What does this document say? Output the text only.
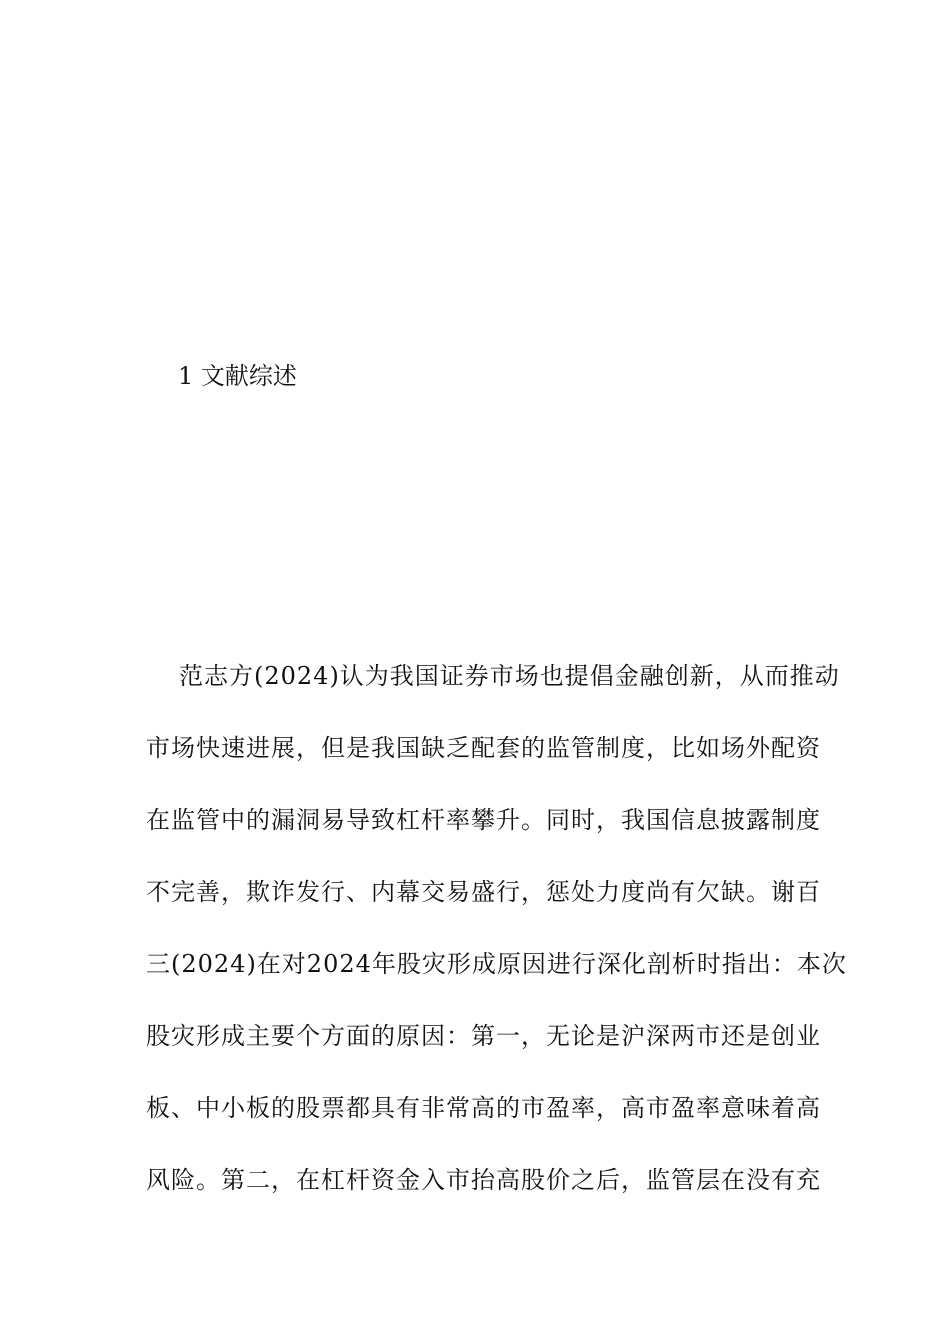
1 文献综述
范志方(2024)认为我国证券市场也提倡金融创新，从而推动
市场快速进展，但是我国缺乏配套的监管制度，比如场外配资
在监管中的漏洞易导致杠杆率攀升。同时，我国信息披露制度
不完善，欺诈发行、内幕交易盛行，惩处力度尚有欠缺。谢百
三(2024)在对2024年股灾形成原因进行深化剖析时指出：本次
股灾形成主要个方面的原因：第一，无论是沪深两市还是创业
板、中小板的股票都具有非常高的市盈率，高市盈率意味着高
风险。第二，在杠杆资金入市抬高股价之后，监管层在没有充
